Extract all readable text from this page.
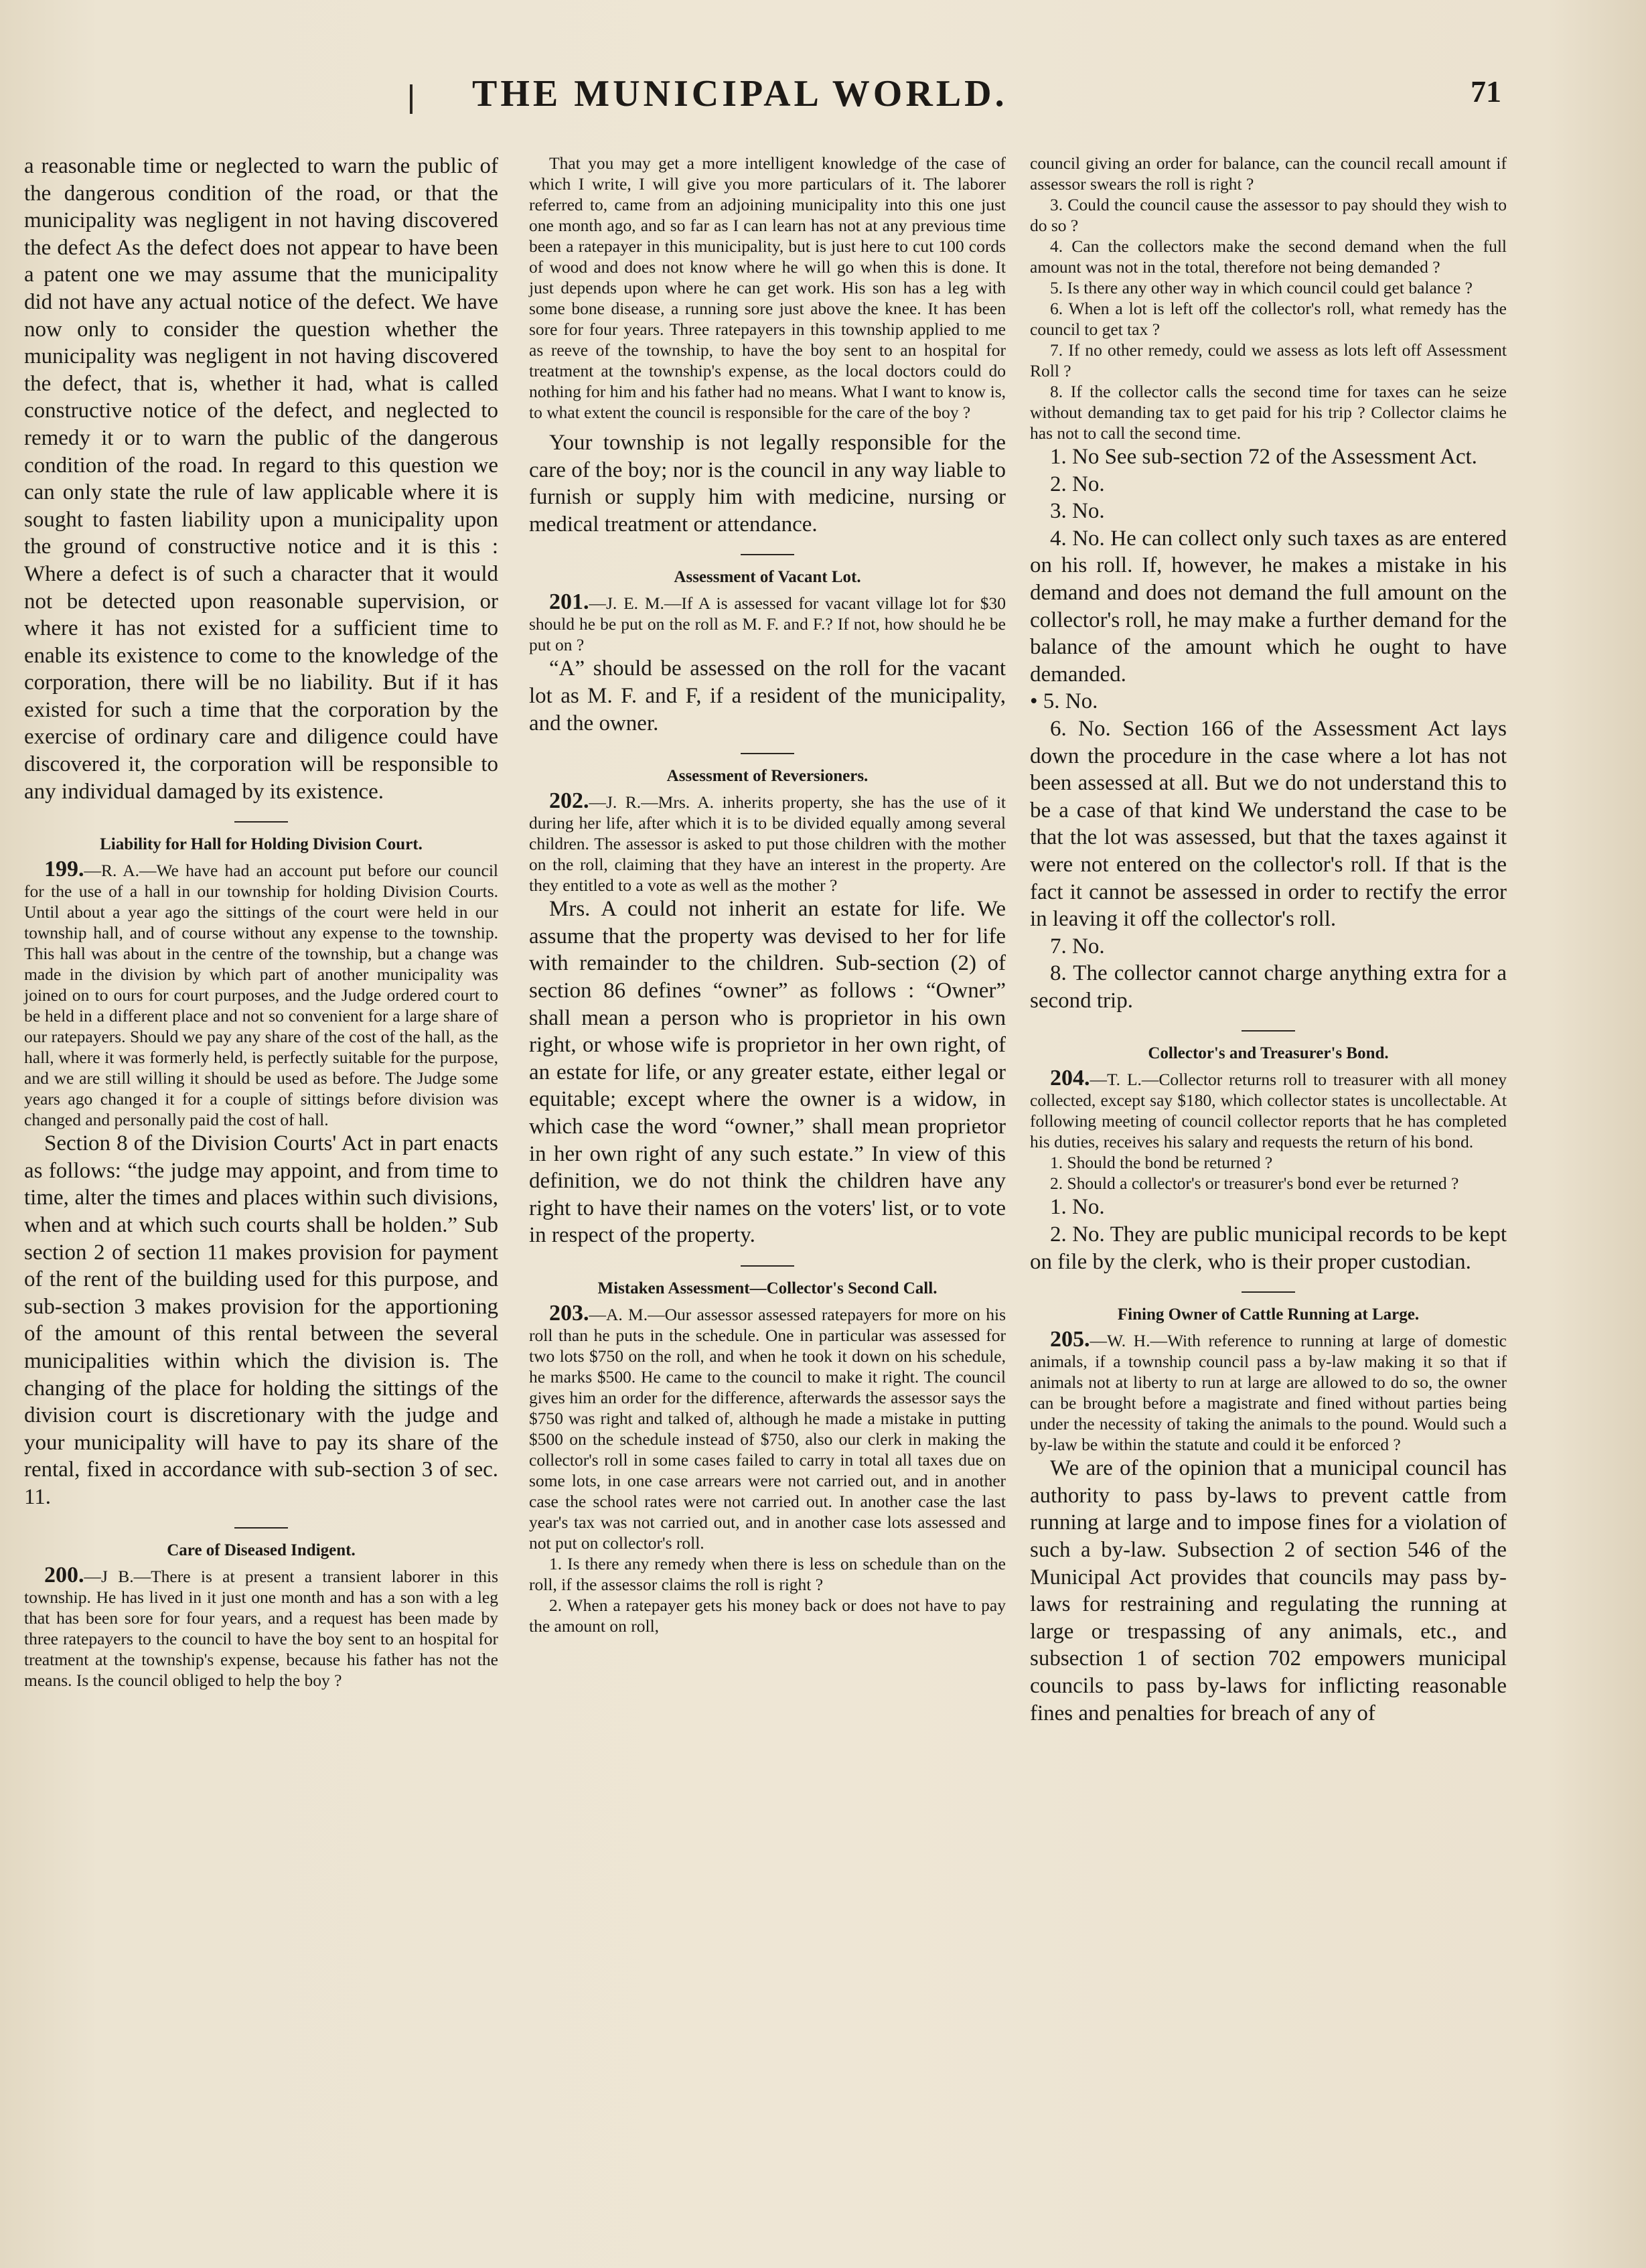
THE MUNICIPAL WORLD.	71

a reasonable time or neglected to warn the public of the dangerous condition of the road, or that the municipality was negligent in not having discovered the defect As the defect does not appear to have been a patent one we may assume that the municipality did not have any actual notice of the defect. We have now only to consider the question whether the municipality was negligent in not having discovered the defect, that is, whether it had, what is called constructive notice of the defect, and neglected to remedy it or to warn the public of the dangerous condition of the road. In regard to this question we can only state the rule of law applicable where it is sought to fasten liability upon a municipality upon the ground of constructive notice and it is this : Where a defect is of such a character that it would not be detected upon reasonable supervision, or where it has not existed for a sufficient time to enable its existence to come to the knowledge of the corporation, there will be no liability. But if it has existed for such a time that the corporation by the exercise of ordinary care and diligence could have discovered it, the corporation will be responsible to any individual damaged by its existence.

Liability for Hall for Holding Division Court.

199.—R. A.—We have had an account put before our council for the use of a hall in our township for holding Division Courts. Until about a year ago the sittings of the court were held in our township hall, and of course without any expense to the township. This hall was about in the centre of the township, but a change was made in the division by which part of another municipality was joined on to ours for court purposes, and the Judge ordered court to be held in a different place and not so convenient for a large share of our ratepayers. Should we pay any share of the cost of the hall, as the hall, where it was formerly held, is perfectly suitable for the purpose, and we are still willing it should be used as before. The Judge some years ago changed it for a couple of sittings before division was changed and personally paid the cost of hall.

Section 8 of the Division Courts' Act in part enacts as follows: “the judge may appoint, and from time to time, alter the times and places within such divisions, when and at which such courts shall be holden.” Sub section 2 of section 11 makes provision for payment of the rent of the building used for this purpose, and sub-section 3 makes provision for the apportioning of the amount of this rental between the several municipalities within which the division is. The changing of the place for holding the sittings of the division court is discretionary with the judge and your municipality will have to pay its share of the rental, fixed in accordance with sub-section 3 of sec. 11.

Care of Diseased Indigent.

200.—J B.—There is at present a transient laborer in this township. He has lived in it just one month and has a son with a leg that has been sore for four years, and a request has been made by three ratepayers to the council to have the boy sent to an hospital for treatment at the township's expense, because his father has not the means. Is the council obliged to help the boy ?

That you may get a more intelligent knowledge of the case of which I write, I will give you more particulars of it. The laborer referred to, came from an adjoining municipality into this one just one month ago, and so far as I can learn has not at any previous time been a ratepayer in this municipality, but is just here to cut 100 cords of wood and does not know where he will go when this is done. It just depends upon where he can get work. His son has a leg with some bone disease, a running sore just above the knee. It has been sore for four years. Three ratepayers in this township applied to me as reeve of the township, to have the boy sent to an hospital for treatment at the township's expense, as the local doctors could do nothing for him and his father had no means. What I want to know is, to what extent the council is responsible for the care of the boy ?

Your township is not legally responsible for the care of the boy; nor is the council in any way liable to furnish or supply him with medicine, nursing or medical treatment or attendance.

Assessment of Vacant Lot.

201.—J. E. M.—If A is assessed for vacant village lot for $30 should he be put on the roll as M. F. and F.? If not, how should he be put on ?

“A” should be assessed on the roll for the vacant lot as M. F. and F, if a resident of the municipality, and the owner.

Assessment of Reversioners.

202.—J. R.—Mrs. A. inherits property, she has the use of it during her life, after which it is to be divided equally among several children. The assessor is asked to put those children with the mother on the roll, claiming that they have an interest in the property. Are they entitled to a vote as well as the mother ?

Mrs. A could not inherit an estate for life. We assume that the property was devised to her for life with remainder to the children. Sub-section (2) of section 86 defines “owner” as follows : “Owner” shall mean a person who is proprietor in his own right, or whose wife is proprietor in her own right, of an estate for life, or any greater estate, either legal or equitable; except where the owner is a widow, in which case the word “owner,” shall mean proprietor in her own right of any such estate.” In view of this definition, we do not think the children have any right to have their names on the voters' list, or to vote in respect of the property.

Mistaken Assessment—Collector's Second Call.

203.—A. M.—Our assessor assessed ratepayers for more on his roll than he puts in the schedule. One in particular was assessed for two lots $750 on the roll, and when he took it down on his schedule, he marks $500. He came to the council to make it right. The council gives him an order for the difference, afterwards the assessor says the $750 was right and talked of, although he made a mistake in putting $500 on the schedule instead of $750, also our clerk in making the collector's roll in some cases failed to carry in total all taxes due on some lots, in one case arrears were not carried out, and in another case the school rates were not carried out. In another case the last year's tax was not carried out, and in another case lots assessed and not put on collector's roll.

1. Is there any remedy when there is less on schedule than on the roll, if the assessor claims the roll is right ?

2. When a ratepayer gets his money back or does not have to pay the amount on roll,

council giving an order for balance, can the council recall amount if assessor swears the roll is right ?

3. Could the council cause the assessor to pay should they wish to do so ?

4. Can the collectors make the second demand when the full amount was not in the total, therefore not being demanded ?

5. Is there any other way in which council could get balance ?

6. When a lot is left off the collector's roll, what remedy has the council to get tax ?

7. If no other remedy, could we assess as lots left off Assessment Roll ?

8. If the collector calls the second time for taxes can he seize without demanding tax to get paid for his trip ? Collector claims he has not to call the second time.

1. No See sub-section 72 of the Assessment Act.

2. No.

3. No.

4. No. He can collect only such taxes as are entered on his roll. If, however, he makes a mistake in his demand and does not demand the full amount on the collector's roll, he may make a further demand for the balance of the amount which he ought to have demanded.

• 5. No.

6. No. Section 166 of the Assessment Act lays down the procedure in the case where a lot has not been assessed at all. But we do not understand this to be a case of that kind We understand the case to be that the lot was assessed, but that the taxes against it were not entered on the collector's roll. If that is the fact it cannot be assessed in order to rectify the error in leaving it off the collector's roll.

7. No.

8. The collector cannot charge anything extra for a second trip.

Collector's and Treasurer's Bond.

204.—T. L.—Collector returns roll to treasurer with all money collected, except say $180, which collector states is uncollectable. At following meeting of council collector reports that he has completed his duties, receives his salary and requests the return of his bond.

1. Should the bond be returned ?

2. Should a collector's or treasurer's bond ever be returned ?

1. No.

2. No. They are public municipal records to be kept on file by the clerk, who is their proper custodian.

Fining Owner of Cattle Running at Large.

205.—W. H.—With reference to running at large of domestic animals, if a township council pass a by-law making it so that if animals not at liberty to run at large are allowed to do so, the owner can be brought before a magistrate and fined without parties being under the necessity of taking the animals to the pound. Would such a by-law be within the statute and could it be enforced ?

We are of the opinion that a municipal council has authority to pass by-laws to prevent cattle from running at large and to impose fines for a violation of such a by-law. Subsection 2 of section 546 of the Municipal Act provides that councils may pass by-laws for restraining and regulating the running at large or trespassing of any animals, etc., and subsection 1 of section 702 empowers municipal councils to pass by-laws for inflicting reasonable fines and penalties for breach of any of
